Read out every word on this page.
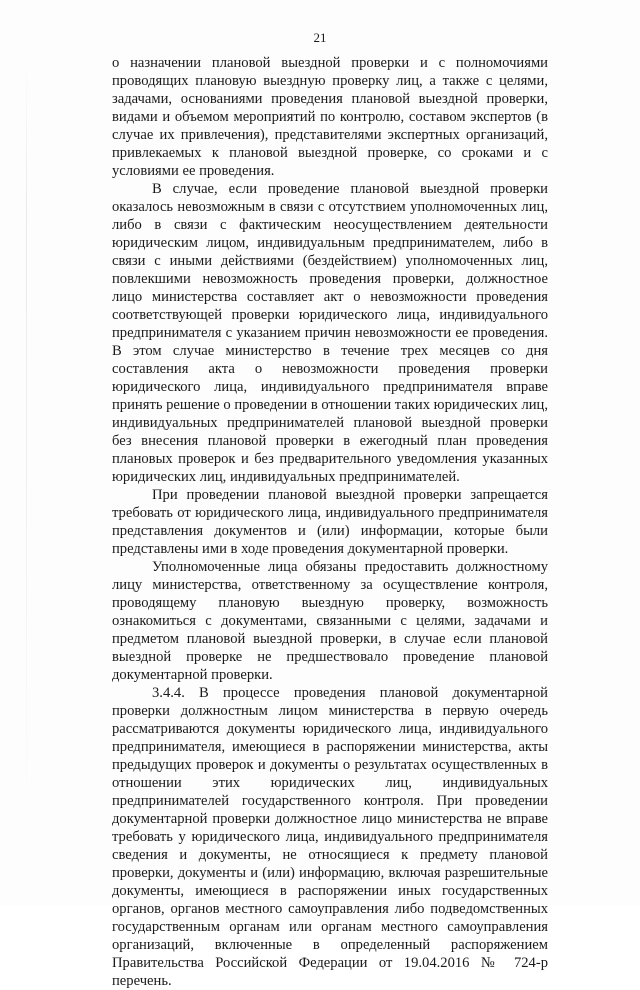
21

о назначении плановой выездной проверки и с полномочиями проводящих плановую выездную проверку лиц, а также с целями, задачами, основаниями проведения плановой выездной проверки, видами и объемом мероприятий по контролю, составом экспертов (в случае их привлечения), представителями экспертных организаций, привлекаемых к плановой выездной проверке, со сроками и с условиями ее проведения.

В случае, если проведение плановой выездной проверки оказалось невозможным в связи с отсутствием уполномоченных лиц, либо в связи с фактическим неосуществлением деятельности юридическим лицом, индивидуальным предпринимателем, либо в связи с иными действиями (бездействием) уполномоченных лиц, повлекшими невозможность проведения проверки, должностное лицо министерства составляет акт о невозможности проведения соответствующей проверки юридического лица, индивидуального предпринимателя с указанием причин невозможности ее проведения. В этом случае министерство в течение трех месяцев со дня составления акта о невозможности проведения проверки юридического лица, индивидуального предпринимателя вправе принять решение о проведении в отношении таких юридических лиц, индивидуальных предпринимателей плановой выездной проверки без внесения плановой проверки в ежегодный план проведения плановых проверок и без предварительного уведомления указанных юридических лиц, индивидуальных предпринимателей.

При проведении плановой выездной проверки запрещается требовать от юридического лица, индивидуального предпринимателя представления документов и (или) информации, которые были представлены ими в ходе проведения документарной проверки.

Уполномоченные лица обязаны предоставить должностному лицу министерства, ответственному за осуществление контроля, проводящему плановую выездную проверку, возможность ознакомиться с документами, связанными с целями, задачами и предметом плановой выездной проверки, в случае если плановой выездной проверке не предшествовало проведение плановой документарной проверки.

3.4.4. В процессе проведения плановой документарной проверки должностным лицом министерства в первую очередь рассматриваются документы юридического лица, индивидуального предпринимателя, имеющиеся в распоряжении министерства, акты предыдущих проверок и документы о результатах осуществленных в отношении этих юридических лиц, индивидуальных предпринимателей государственного контроля. При проведении документарной проверки должностное лицо министерства не вправе требовать у юридического лица, индивидуального предпринимателя сведения и документы, не относящиеся к предмету плановой проверки, документы и (или) информацию, включая разрешительные документы, имеющиеся в распоряжении иных государственных органов, органов местного самоуправления либо подведомственных государственным органам или органам местного самоуправления организаций, включенные в определенный распоряжением Правительства Российской Федерации от 19.04.2016 № 724-р перечень.
